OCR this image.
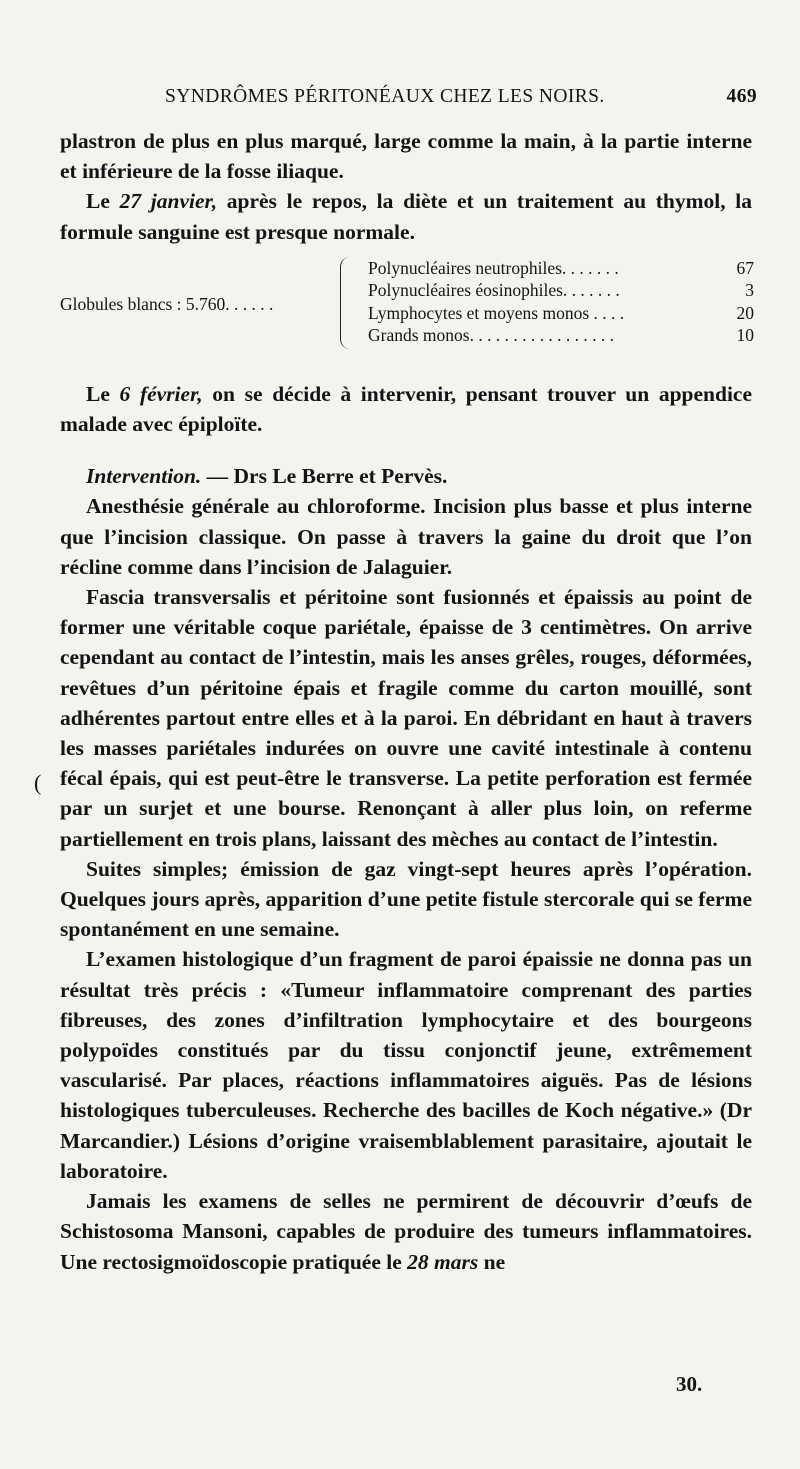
SYNDRÔMES PÉRITONÉAUX CHEZ LES NOIRS.	469
(

plastron de plus en plus marqué, large comme la main, à la partie interne et inférieure de la fosse iliaque.

Le 27 janvier, après le repos, la diète et un traitement au thymol, la formule sanguine est presque normale.

Globules blancs : 5.760. . . . . .
Polynucléaires neutrophiles. . . . . . .	67
Polynucléaires éosinophiles. . . . . . .	3
Lymphocytes et moyens monos . . . .	20
Grands monos. . . . . . . . . . . . . . . . .	10

Le 6 février, on se décide à intervenir, pensant trouver un appendice malade avec épiploïte.

Intervention. — Drs Le Berre et Pervès.

Anesthésie générale au chloroforme. Incision plus basse et plus interne que l’incision classique. On passe à travers la gaine du droit que l’on récline comme dans l’incision de Jalaguier.

Fascia transversalis et péritoine sont fusionnés et épaissis au point de former une véritable coque pariétale, épaisse de 3 centimètres. On arrive cependant au contact de l’intestin, mais les anses grêles, rouges, déformées, revêtues d’un péritoine épais et fragile comme du carton mouillé, sont adhérentes partout entre elles et à la paroi. En débridant en haut à travers les masses pariétales indurées on ouvre une cavité intestinale à contenu fécal épais, qui est peut-être le transverse. La petite perforation est fermée par un surjet et une bourse. Renonçant à aller plus loin, on referme partiellement en trois plans, laissant des mèches au contact de l’intestin.

Suites simples; émission de gaz vingt-sept heures après l’opération. Quelques jours après, apparition d’une petite fistule stercorale qui se ferme spontanément en une semaine.

L’examen histologique d’un fragment de paroi épaissie ne donna pas un résultat très précis : «Tumeur inflammatoire comprenant des parties fibreuses, des zones d’infiltration lymphocytaire et des bourgeons polypoïdes constitués par du tissu conjonctif jeune, extrêmement vascularisé. Par places, réactions inflammatoires aiguës. Pas de lésions histologiques tuberculeuses. Recherche des bacilles de Koch négative.» (Dr Marcandier.) Lésions d’origine vraisemblablement parasitaire, ajoutait le laboratoire.

Jamais les examens de selles ne permirent de découvrir d’œufs de Schistosoma Mansoni, capables de produire des tumeurs inflammatoires. Une rectosigmoïdoscopie pratiquée le 28 mars ne

30.
